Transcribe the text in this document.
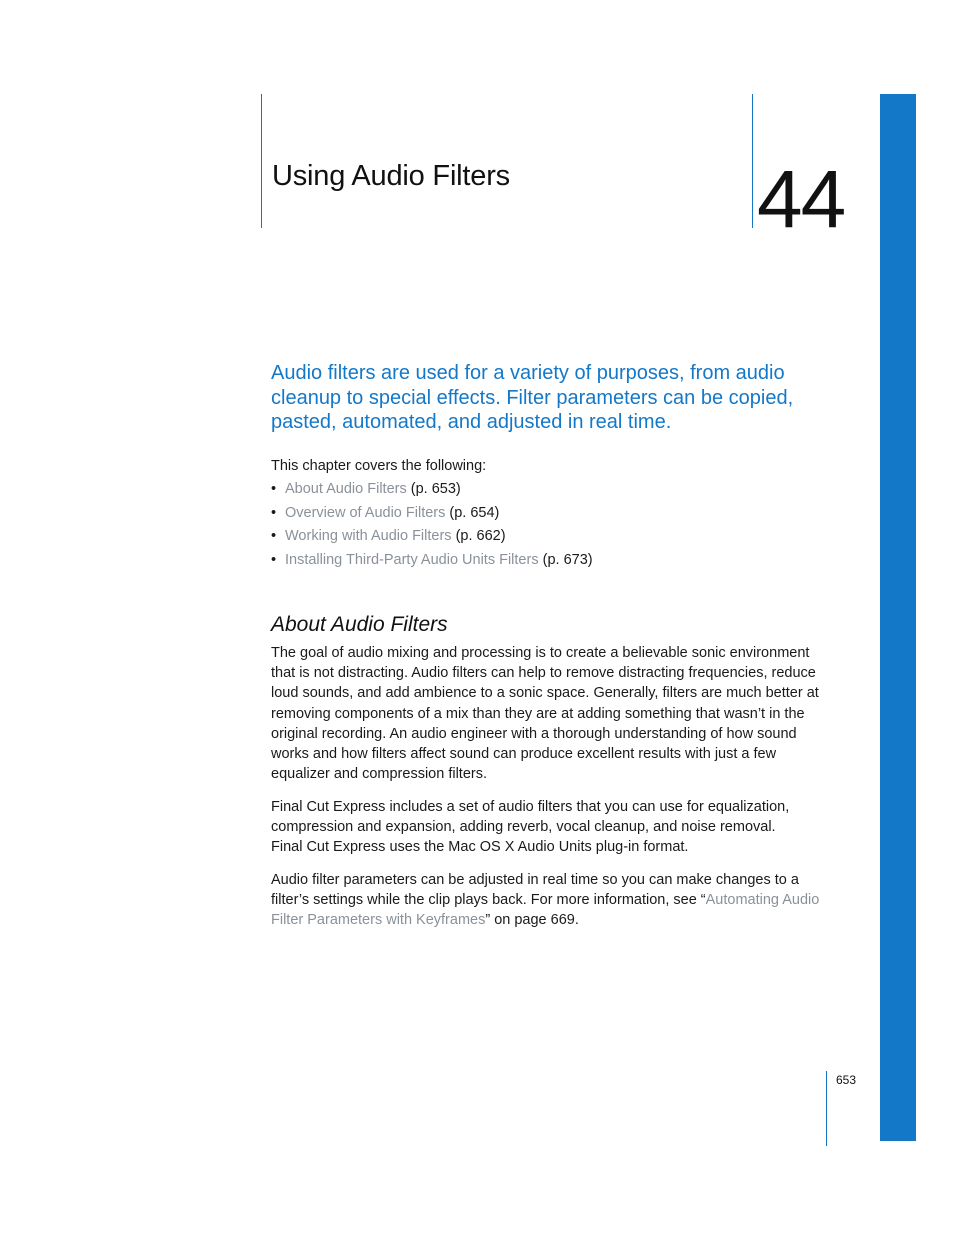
Using Audio Filters	44

Audio filters are used for a variety of purposes, from audio cleanup to special effects. Filter parameters can be copied, pasted, automated, and adjusted in real time.

This chapter covers the following:

• About Audio Filters (p. 653)
• Overview of Audio Filters (p. 654)
• Working with Audio Filters (p. 662)
• Installing Third-Party Audio Units Filters (p. 673)
About Audio Filters

The goal of audio mixing and processing is to create a believable sonic environment that is not distracting. Audio filters can help to remove distracting frequencies, reduce loud sounds, and add ambience to a sonic space. Generally, filters are much better at removing components of a mix than they are at adding something that wasn’t in the original recording. An audio engineer with a thorough understanding of how sound works and how filters affect sound can produce excellent results with just a few equalizer and compression filters.

Final Cut Express includes a set of audio filters that you can use for equalization, compression and expansion, adding reverb, vocal cleanup, and noise removal.
Final Cut Express uses the Mac OS X Audio Units plug-in format.

Audio filter parameters can be adjusted in real time so you can make changes to a filter’s settings while the clip plays back. For more information, see “Automating Audio Filter Parameters with Keyframes” on page 669.

653
